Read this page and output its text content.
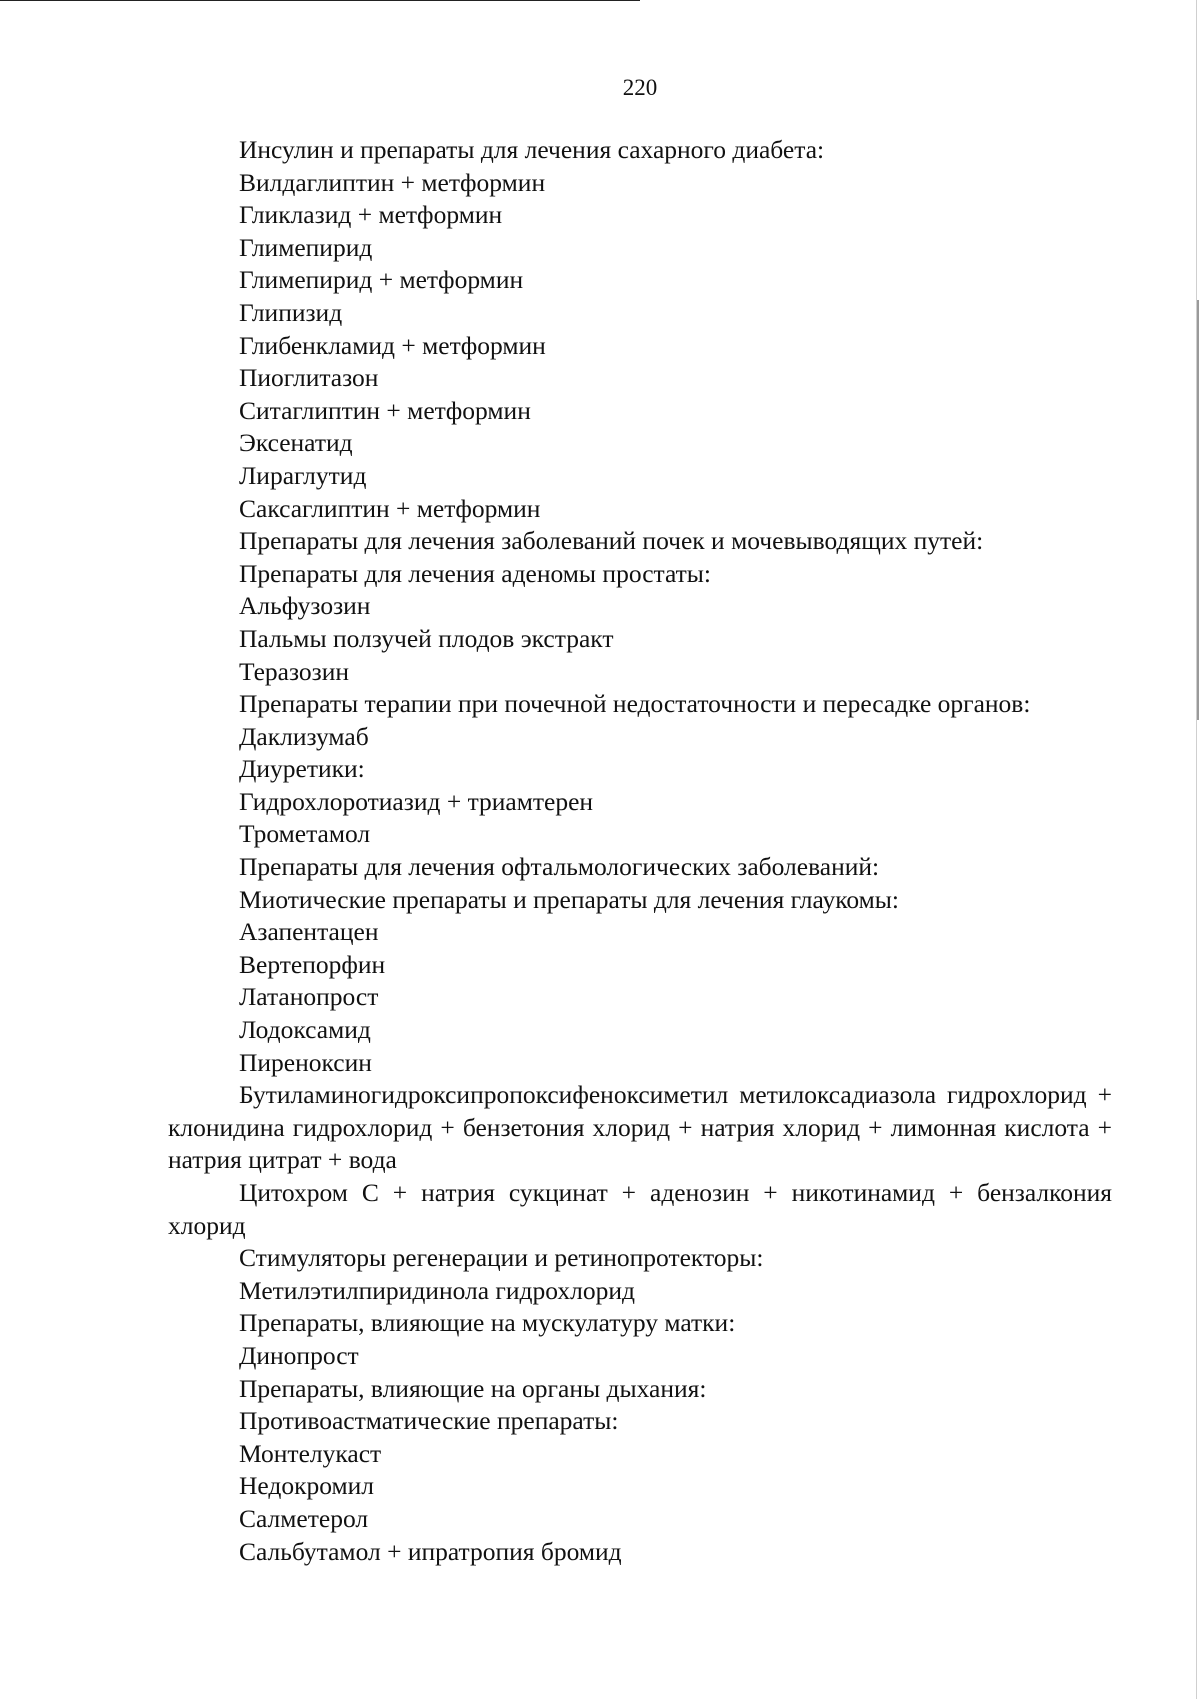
220
Инсулин и препараты для лечения сахарного диабета:
Вилдаглиптин + метформин
Гликлазид + метформин
Глимепирид
Глимепирид + метформин
Глипизид
Глибенкламид + метформин
Пиоглитазон
Ситаглиптин + метформин
Эксенатид
Лираглутид
Саксаглиптин + метформин
Препараты для лечения заболеваний почек и мочевыводящих путей:
Препараты для лечения аденомы простаты:
Альфузозин
Пальмы ползучей плодов экстракт
Теразозин
Препараты терапии при почечной недостаточности и пересадке органов:
Даклизумаб
Диуретики:
Гидрохлоротиазид + триамтерен
Трометамол
Препараты для лечения офтальмологических заболеваний:
Миотические препараты и препараты для лечения глаукомы:
Азапентацен
Вертепорфин
Латанопрост
Лодоксамид
Пиреноксин

Бутиламиногидроксипропоксифеноксиметил метилоксадиазола гидрохлорид + клонидина гидрохлорид + бензетония хлорид + натрия хлорид + лимонная кислота + натрия цитрат + вода

Цитохром С + натрия сукцинат + аденозин + никотинамид + бензалкония хлорид

Стимуляторы регенерации и ретинопротекторы:
Метилэтилпиридинола гидрохлорид
Препараты, влияющие на мускулатуру матки:
Динопрост
Препараты, влияющие на органы дыхания:
Противоастматические препараты:
Монтелукаст
Недокромил
Салметерол
Сальбутамол + ипратропия бромид
